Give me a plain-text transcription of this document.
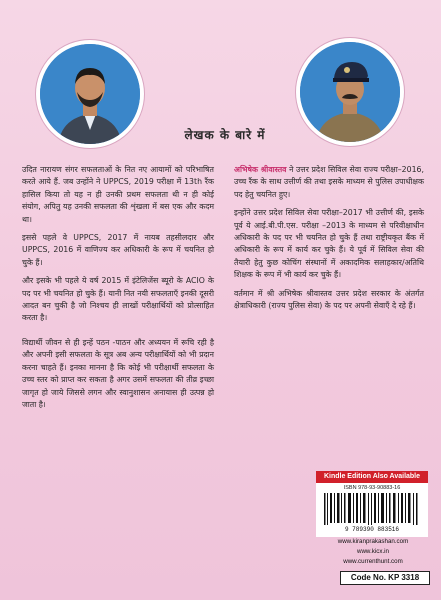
लेखक के बारे में

उदित नारायण संगर सफलताओं के नित नए आयामों को परिभाषित करते आये हैं. जब उन्होंने ने UPPCS, 2019 परीक्षा में 13th रैंक हासिल किया तो यह न ही उनकी प्रथम सफलता थी न ही कोई संयोग, अपितु यह उनकी सफलता की शृंखला में बस एक और कदम था।

इससे पहले वे UPPCS, 2017 में नायब तहसीलदार और UPPCS, 2016 में वाणिज्य कर अधिकारी के रूप में चयनित हो चुके हैं।

और इसके भी पहले ये वर्ष 2015 में इंटेलिजेंस ब्यूरो के ACIO के पद पर भी चयनित हो चुके हैं। यानी नित नयी सफलताएँ इनकी दूसरी आदत बन चुकी है जो निश्चय ही लाखों परीक्षार्थियों को प्रोत्साहित करता है।

विद्यार्थी जीवन से ही इन्हें पठन -पाठन और अध्ययन में रूचि रही है और अपनी इसी सफलता के सूत्र अब अन्य परीक्षार्थियों को भी प्रदान करना चाहते हैं। इनका मानना है कि कोई भी परीक्षार्थी सफलता के उच्च स्तर को प्राप्त कर सकता है अगर उसमें सफलता की तीव्र इच्छा जागृत हो जाये जिससे लगन और स्वानुशासन अनायास ही उत्पन्न हो जाता है।

अभिषेक श्रीवास्तव ने उत्तर प्रदेश सिविल सेवा राज्य परीक्षा–2016, उच्च रैंक के साथ उत्तीर्ण की तथा इसके माध्यम से पुलिस उपाधीक्षक पद हेतु चयनित हुए।

इन्होंने उत्तर प्रदेश सिविल सेवा परीक्षा–2017 भी उत्तीर्ण की, इसके पूर्व ये आई.बी.पी.एस. परीक्षा –2013 के माध्यम से परिवीक्षाधीन अधिकारी के पद पर भी चयनित हो चुके हैं तथा राष्ट्रीयकृत बैंक में अधिकारी के रूप में कार्य कर चुके हैं। ये पूर्व में सिविल सेवा की तैयारी हेतु कुछ कोचिंग संस्थानों में अकादमिक सलाहकार/अतिथि शिक्षक के रूप में भी कार्य कर चुके हैं।

वर्तमान में श्री अभिषेक श्रीवास्तव उत्तर प्रदेश सरकार के अंतर्गत क्षेत्राधिकारी (राज्य पुलिस सेवा) के पद पर अपनी सेवाएँ दे रहे हैं।

Kindle Edition Also Available
ISBN 978-93-90883-16
9 789390 883516
www.kiranprakashan.com
www.kicx.in
www.currenthunt.com
Code No. KP 3318
